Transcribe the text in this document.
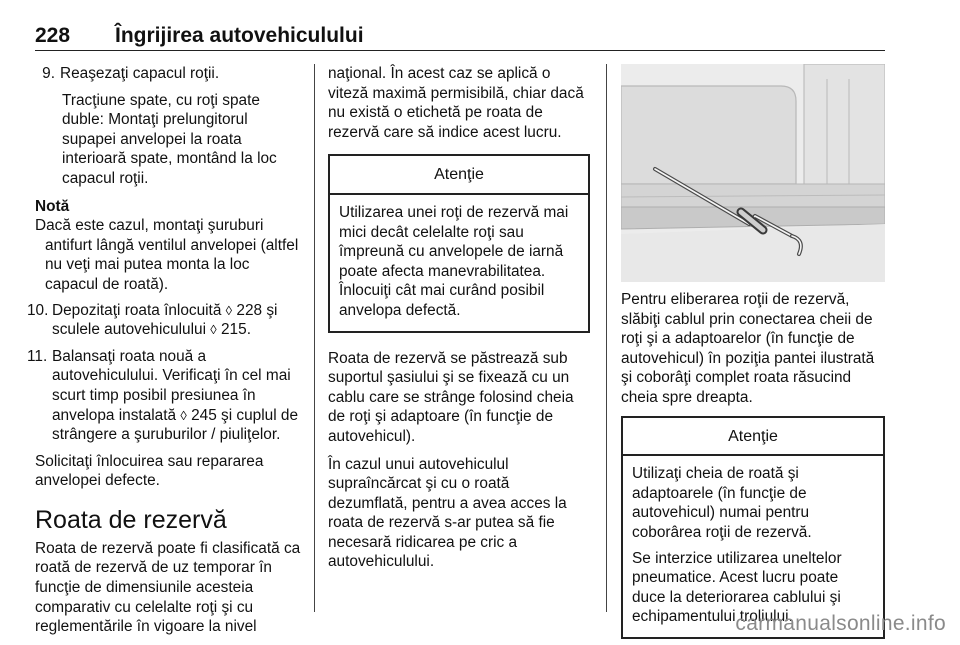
228 Îngrijirea autovehiculului
9. Reaşezaţi capacul roţii.

Tracţiune spate, cu roţi spate duble: Montaţi prelungitorul supapei anvelopei la roata interioară spate, montând la loc capacul roţii.

Notă

Dacă este cazul, montaţi şuruburi antifurt lângă ventilul anvelopei (altfel nu veţi mai putea monta la loc capacul de roată).

10. Depozitaţi roata înlocuită ◊ 228 şi sculele autovehiculului ◊ 215.
11. Balansaţi roata nouă a autovehiculului. Verificaţi în cel mai scurt timp posibil presiunea în anvelopa instalată ◊ 245 şi cuplul de strângere a şuruburilor / piuliţelor.

Solicitaţi înlocuirea sau repararea anvelopei defecte.

Roata de rezervă

Roata de rezervă poate fi clasificată ca roată de rezervă de uz temporar în funcţie de dimensiunile acesteia comparativ cu celelalte roţi şi cu reglementările în vigoare la nivel

naţional. În acest caz se aplică o viteză maximă permisibilă, chiar dacă nu există o etichetă pe roata de rezervă care să indice acest lucru.

Atenţie

Utilizarea unei roţi de rezervă mai mici decât celelalte roţi sau împreună cu anvelopele de iarnă poate afecta manevrabilitatea. Înlocuiţi cât mai curând posibil anvelopa defectă.

Roata de rezervă se păstrează sub suportul şasiului şi se fixează cu un cablu care se strânge folosind cheia de roţi şi adaptoare (în funcţie de autovehicul).

În cazul unui autovehiculul supraîncărcat şi cu o roată dezumflată, pentru a avea acces la roata de rezervă s-ar putea să fie necesară ridicarea pe cric a autovehiculului.

Pentru eliberarea roţii de rezervă, slăbiţi cablul prin conectarea cheii de roţi şi a adaptoarelor (în funcţie de autovehicul) în poziţia pantei ilustrată şi coborâţi complet roata răsucind cheia spre dreapta.

Atenţie

Utilizaţi cheia de roată şi adaptoarele (în funcţie de autovehicul) numai pentru coborârea roţii de rezervă.

Se interzice utilizarea uneltelor pneumatice. Acest lucru poate duce la deteriorarea cablului şi echipamentului troliului.

carmanualsonline.info
